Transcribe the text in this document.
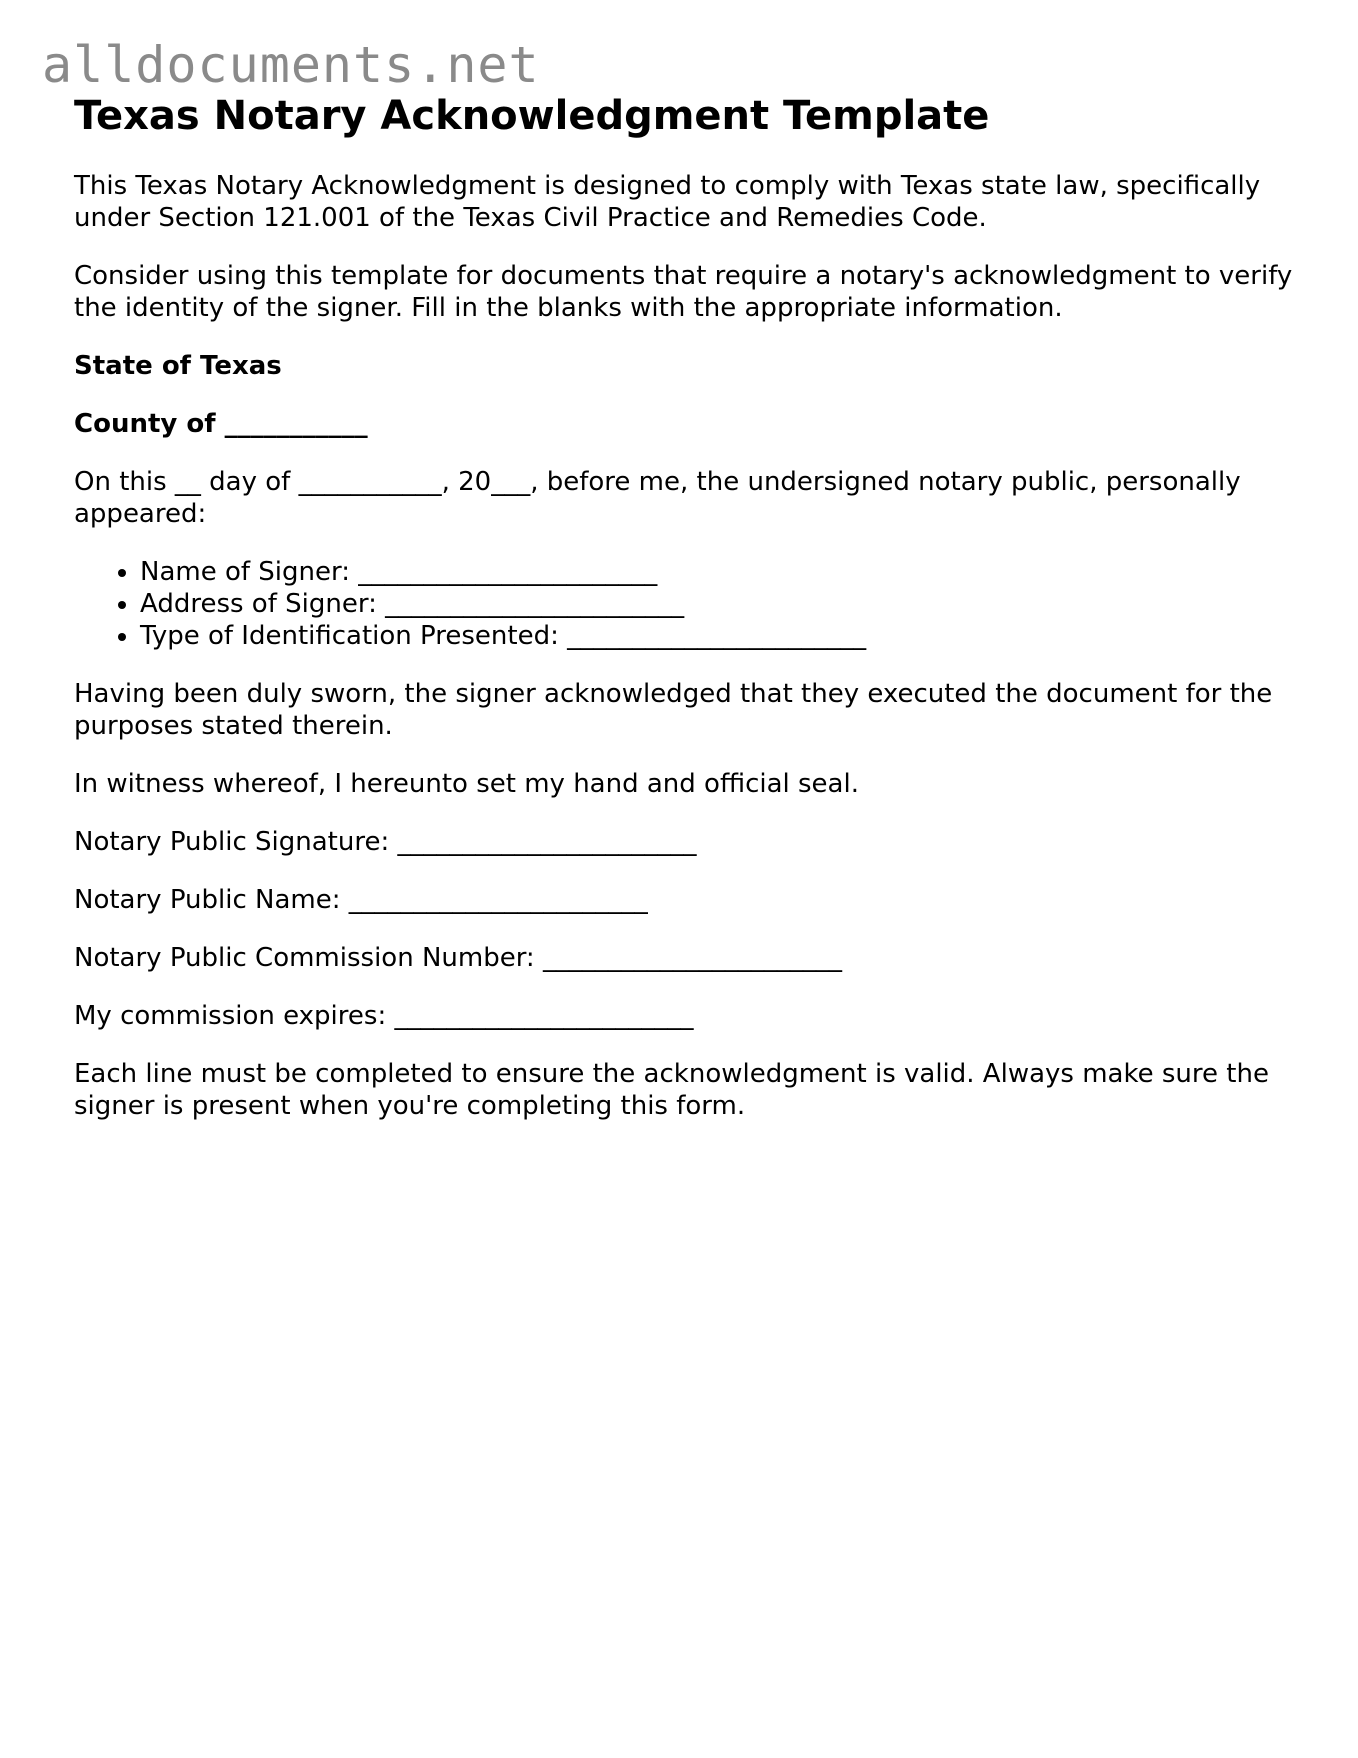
alldocuments.net
Texas Notary Acknowledgment Template

This Texas Notary Acknowledgment is designed to comply with Texas state law, specifically under Section 121.001 of the Texas Civil Practice and Remedies Code.

Consider using this template for documents that require a notary's acknowledgment to verify the identity of the signer. Fill in the blanks with the appropriate information.

State of Texas

County of ___________

On this __ day of ___________, 20___, before me, the undersigned notary public, personally appeared:

• Name of Signer: _______________________
• Address of Signer: _______________________
• Type of Identification Presented: _______________________

Having been duly sworn, the signer acknowledged that they executed the document for the purposes stated therein.

In witness whereof, I hereunto set my hand and official seal.

Notary Public Signature: _______________________

Notary Public Name: _______________________

Notary Public Commission Number: _______________________

My commission expires: _______________________

Each line must be completed to ensure the acknowledgment is valid. Always make sure the signer is present when you're completing this form.
